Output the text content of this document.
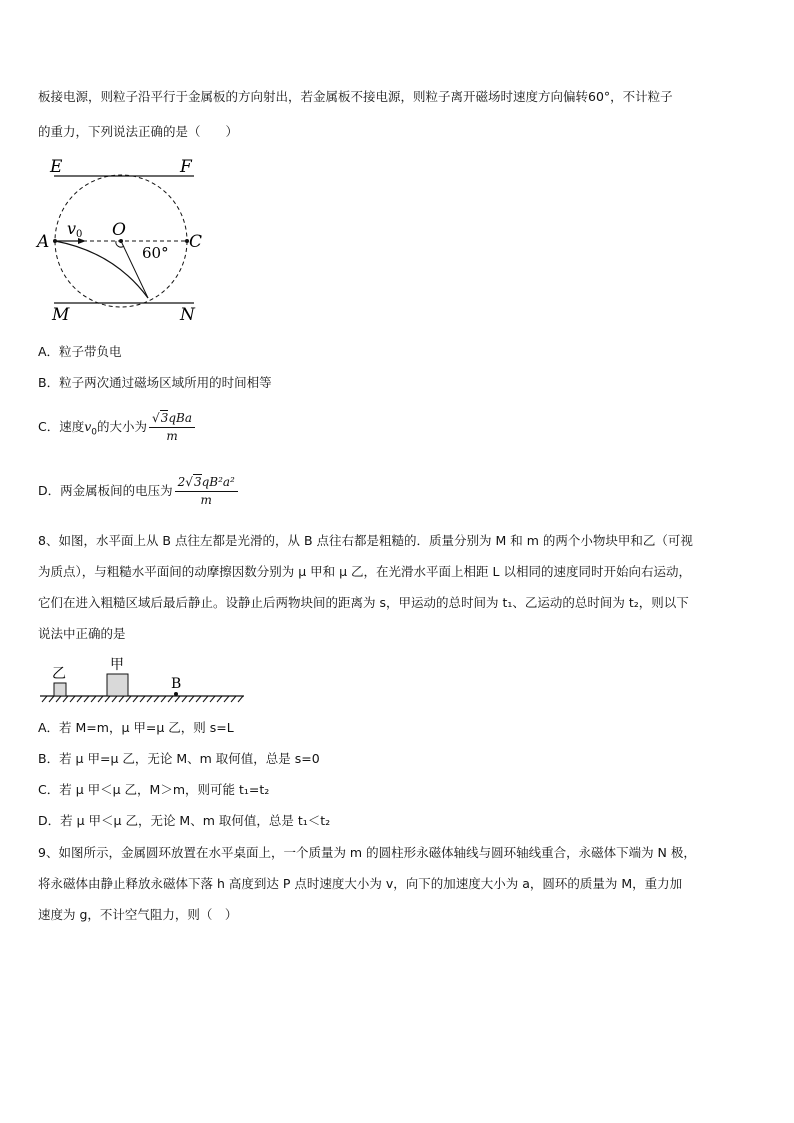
板接电源，则粒子沿平行于金属板的方向射出，若金属板不接电源，则粒子离开磁场时速度方向偏转60°，不计粒子
的重力，下列说法正确的是（　　）
E	F
A	C
O
v 0
60°
M	N
A．粒子带负电
B．粒子两次通过磁场区域所用的时间相等
C．速度$v_0$的大小为 $\frac{\text{√3qBa}}{m}$
D．两金属板间的电压为 $\frac{\text{2√3qB²a²}}{m}$
8、如图，水平面上从 B 点往左都是光滑的，从 B 点往右都是粗糙的．质量分别为 M 和 m 的两个小物块甲和乙（可视
为质点），与粗糙水平面间的动摩擦因数分别为 μ 甲和 μ 乙，在光滑水平面上相距 L 以相同的速度同时开始向右运动，
它们在进入粗糙区域后最后静止。设静止后两物块间的距离为 s，甲运动的总时间为 t₁、乙运动的总时间为 t₂，则以下
说法中正确的是
乙
甲
B
A．若 M=m，μ 甲=μ 乙，则 s=L
B．若 μ 甲=μ 乙，无论 M、m 取何值，总是 s=0
C．若 μ 甲＜μ 乙，M＞m，则可能 t₁=t₂
D．若 μ 甲＜μ 乙，无论 M、m 取何值，总是 t₁＜t₂
9、如图所示，金属圆环放置在水平桌面上，一个质量为 m 的圆柱形永磁体轴线与圆环轴线重合，永磁体下端为 N 极，
将永磁体由静止释放永磁体下落 h 高度到达 P 点时速度大小为 v，向下的加速度大小为 a，圆环的质量为 M，重力加
速度为 g，不计空气阻力，则（　）
